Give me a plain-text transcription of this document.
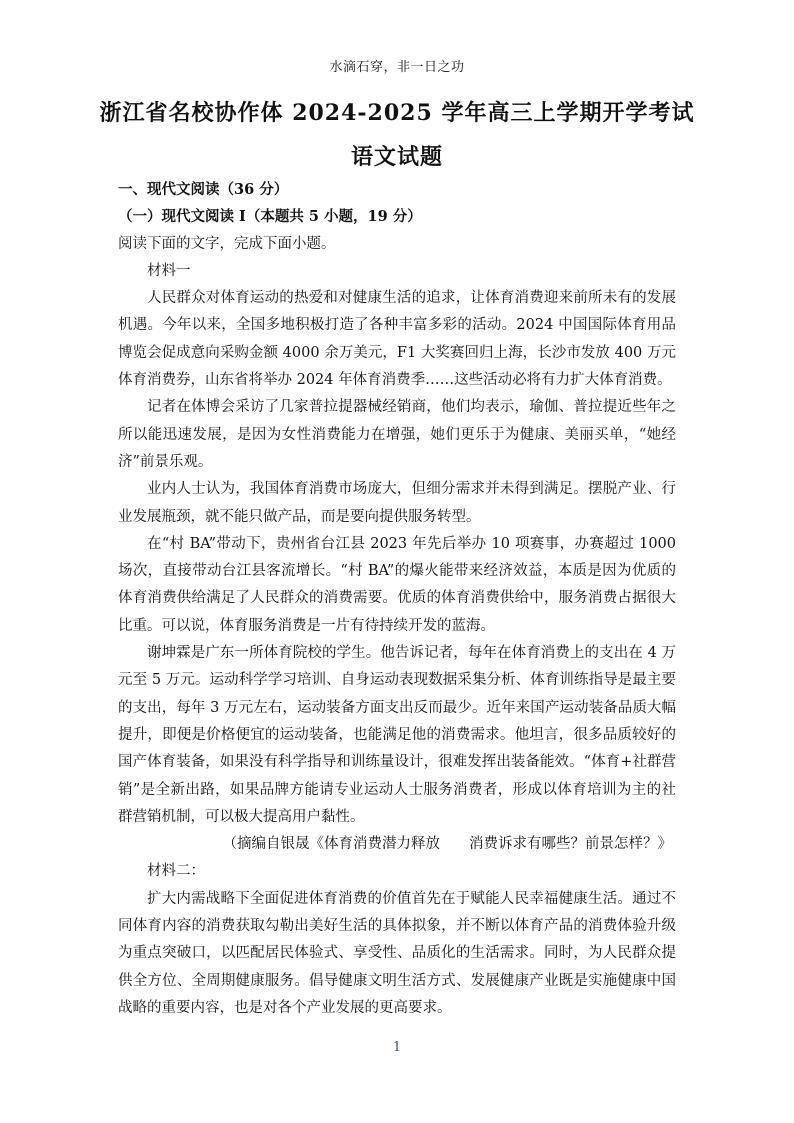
水滴石穿，非一日之功
浙江省名校协作体 2024-2025 学年高三上学期开学考试
语文试题

一、现代文阅读（36 分）

（一）现代文阅读 I（本题共 5 小题，19 分）

阅读下面的文字，完成下面小题。

材料一

人民群众对体育运动的热爱和对健康生活的追求，让体育消费迎来前所未有的发展机遇。今年以来，全国多地积极打造了各种丰富多彩的活动。2024 中国国际体育用品博览会促成意向采购金额 4000 余万美元，F1 大奖赛回归上海，长沙市发放 400 万元体育消费券，山东省将举办 2024 年体育消费季……这些活动必将有力扩大体育消费。

记者在体博会采访了几家普拉提器械经销商，他们均表示，瑜伽、普拉提近些年之所以能迅速发展，是因为女性消费能力在增强，她们更乐于为健康、美丽买单，“她经济”前景乐观。

业内人士认为，我国体育消费市场庞大，但细分需求并未得到满足。摆脱产业、行业发展瓶颈，就不能只做产品，而是要向提供服务转型。

在“村 BA”带动下，贵州省台江县 2023 年先后举办 10 项赛事，办赛超过 1000 场次，直接带动台江县客流增长。“村 BA”的爆火能带来经济效益，本质是因为优质的体育消费供给满足了人民群众的消费需要。优质的体育消费供给中，服务消费占据很大比重。可以说，体育服务消费是一片有待持续开发的蓝海。

谢坤霖是广东一所体育院校的学生。他告诉记者，每年在体育消费上的支出在 4 万元至 5 万元。运动科学学习培训、自身运动表现数据采集分析、体育训练指导是最主要的支出，每年 3 万元左右，运动装备方面支出反而最少。近年来国产运动装备品质大幅提升，即便是价格便宜的运动装备，也能满足他的消费需求。他坦言，很多品质较好的国产体育装备，如果没有科学指导和训练量设计，很难发挥出装备能效。“体育+社群营销”是全新出路，如果品牌方能请专业运动人士服务消费者，形成以体育培训为主的社群营销机制，可以极大提高用户黏性。

（摘编自银晟《体育消费潜力释放　　消费诉求有哪些？前景怎样？》

材料二：

扩大内需战略下全面促进体育消费的价值首先在于赋能人民幸福健康生活。通过不同体育内容的消费获取勾勒出美好生活的具体拟象，并不断以体育产品的消费体验升级为重点突破口，以匹配居民体验式、享受性、品质化的生活需求。同时，为人民群众提供全方位、全周期健康服务。倡导健康文明生活方式、发展健康产业既是实施健康中国战略的重要内容，也是对各个产业发展的更高要求。

1
